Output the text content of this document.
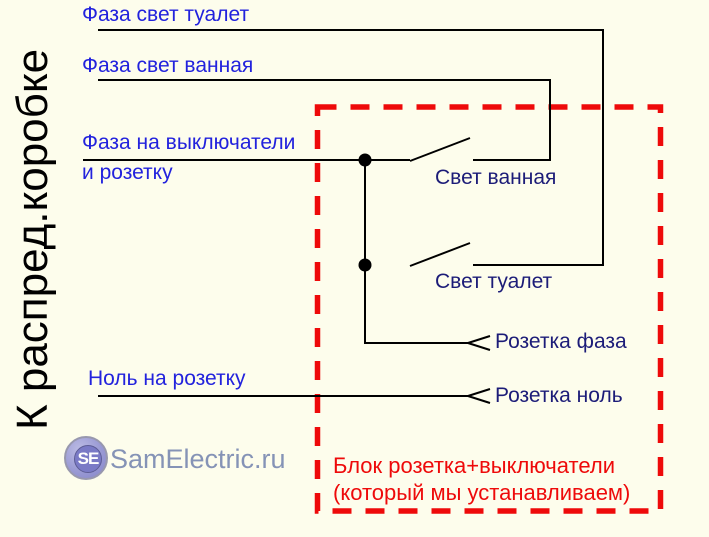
К распред.коробке
Фаза свет туалет
Фаза свет ванная
Фаза на выключатели
и розетку
Ноль на розетку
Свет ванная
Свет туалет
Розетка фаза
Розетка ноль
Блок розетка+выключатели
(который мы устанавливаем)
SE SamElectric.ru
